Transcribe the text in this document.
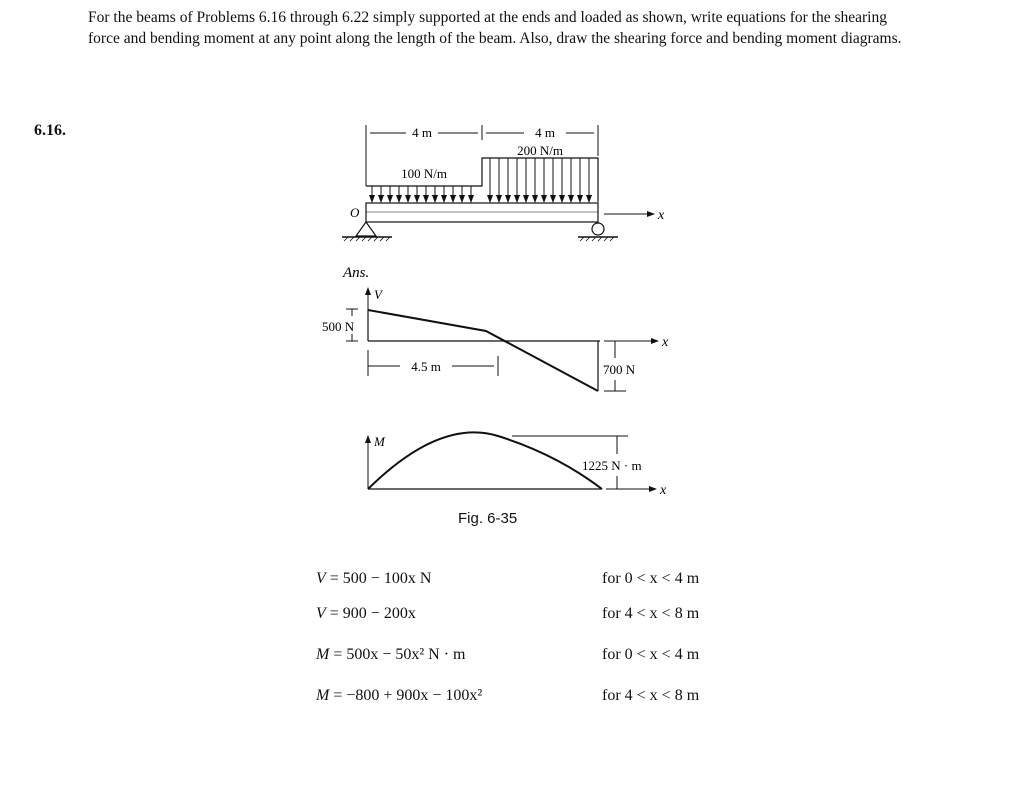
For the beams of Problems 6.16 through 6.22 simply supported at the ends and loaded as shown, write equations for the shearing force and bending moment at any point along the length of the beam. Also, draw the shearing force and bending moment diagrams.

6.16.	4 m	4 m
200 N/m
100 N/m
O	x
Ans.
V
x
500 N
4.5 m	700 N
M
x
1225 N · m
Fig. 6-35
V = 500 − 100x N	for 0 < x < 4 m
V = 900 − 200x	for 4 < x < 8 m
M = 500x − 50x² N · m	for 0 < x < 4 m
M = −800 + 900x − 100x²	for 4 < x < 8 m
